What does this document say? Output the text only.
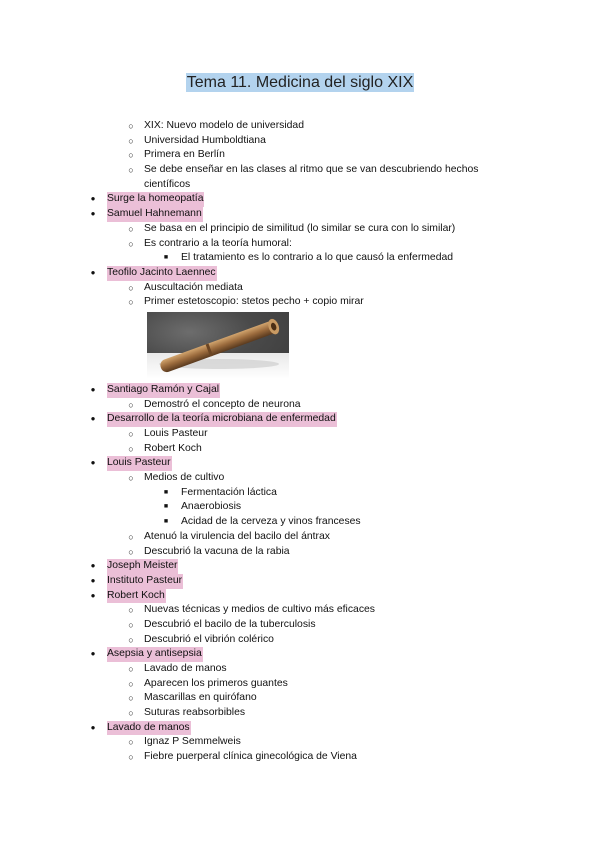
Tema 11. Medicina del siglo XIX
○ XIX: Nuevo modelo de universidad
○ Universidad Humboldtiana
○ Primera en Berlín
○ Se debe enseñar en las clases al ritmo que se van descubriendo hechos científicos
●	Surge la homeopatía
●	Samuel Hahnemann
○ Se basa en el principio de similitud (lo similar se cura con lo similar)
○ Es contrario a la teoría humoral:
■	El tratamiento es lo contrario a lo que causó la enfermedad
●	Teofilo Jacinto Laennec
○ Auscultación mediata
○ Primer estetoscopio: stetos pecho + copio mirar
●	Santiago Ramón y Cajal
○ Demostró el concepto de neurona
●	Desarrollo de la teoría microbiana de enfermedad
○ Louis Pasteur
○ Robert Koch
●	Louis Pasteur
○ Medios de cultivo
■	Fermentación láctica
■	Anaerobiosis
■	Acidad de la cerveza y vinos franceses
○ Atenuó la virulencia del bacilo del ántrax
○ Descubrió la vacuna de la rabia
●	Joseph Meister
●	Instituto Pasteur
●	Robert Koch
○ Nuevas técnicas y medios de cultivo más eficaces
○ Descubrió el bacilo de la tuberculosis
○ Descubrió el vibrión colérico
●	Asepsia y antisepsia
○ Lavado de manos
○ Aparecen los primeros guantes
○ Mascarillas en quirófano
○ Suturas reabsorbibles
●	Lavado de manos
○ Ignaz P Semmelweis
○ Fiebre puerperal clínica ginecológica de Viena
